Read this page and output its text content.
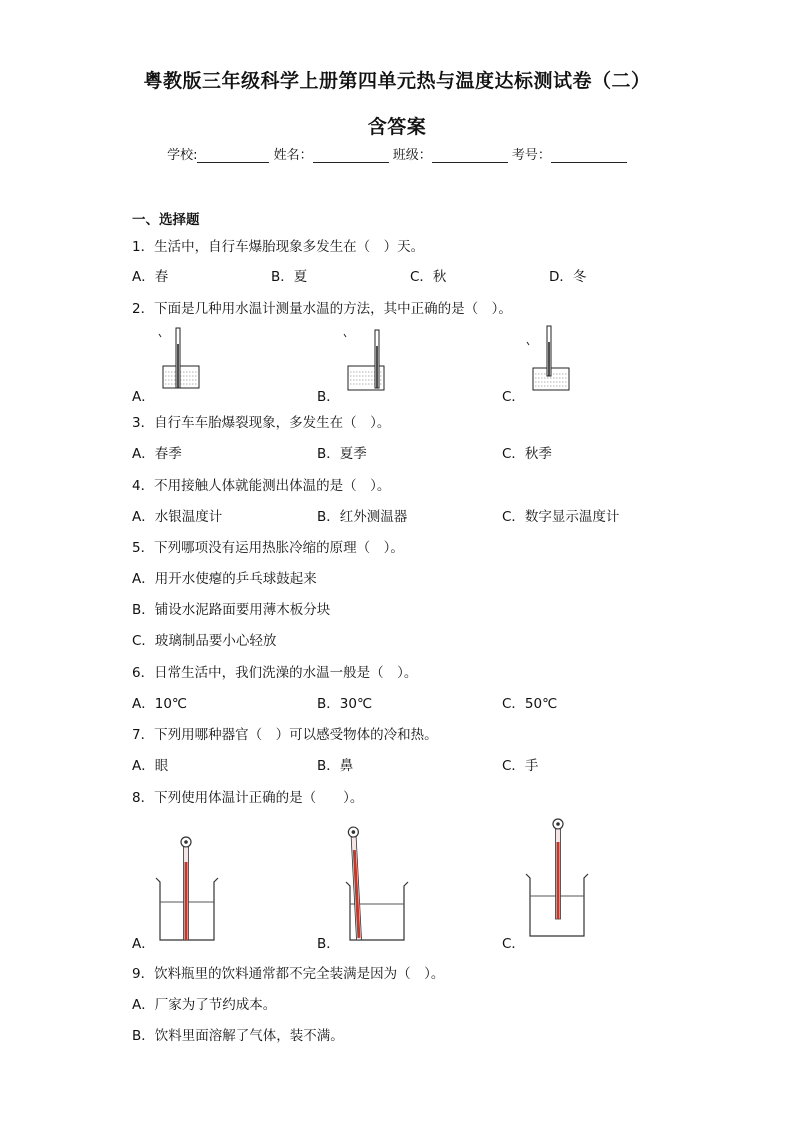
粤教版三年级科学上册第四单元热与温度达标测试卷（二）
含答案
学校:	姓名：	班级：	考号：
一、选择题
1．生活中，自行车爆胎现象多发生在（　）天。
A．春	B．夏	C．秋	D．冬
2．下面是几种用水温计测量水温的方法，其中正确的是（　）。
A．	B．	C．
3．自行车车胎爆裂现象，多发生在（　）。
A．春季	B．夏季	C．秋季
4．不用接触人体就能测出体温的是（　）。
A．水银温度计	B．红外测温器	C．数字显示温度计
5．下列哪项没有运用热胀冷缩的原理（　）。
A．用开水使瘪的乒乓球鼓起来
B．铺设水泥路面要用薄木板分块
C．玻璃制品要小心轻放
6．日常生活中，我们洗澡的水温一般是（　）。
A．10℃	B．30℃	C．50℃
7．下列用哪种器官（　）可以感受物体的冷和热。
A．眼	B．鼻	C．手
8．下列使用体温计正确的是（　　）。
A．	B．	C．
9．饮料瓶里的饮料通常都不完全装满是因为（　）。
A．厂家为了节约成本。
B．饮料里面溶解了气体，装不满。
